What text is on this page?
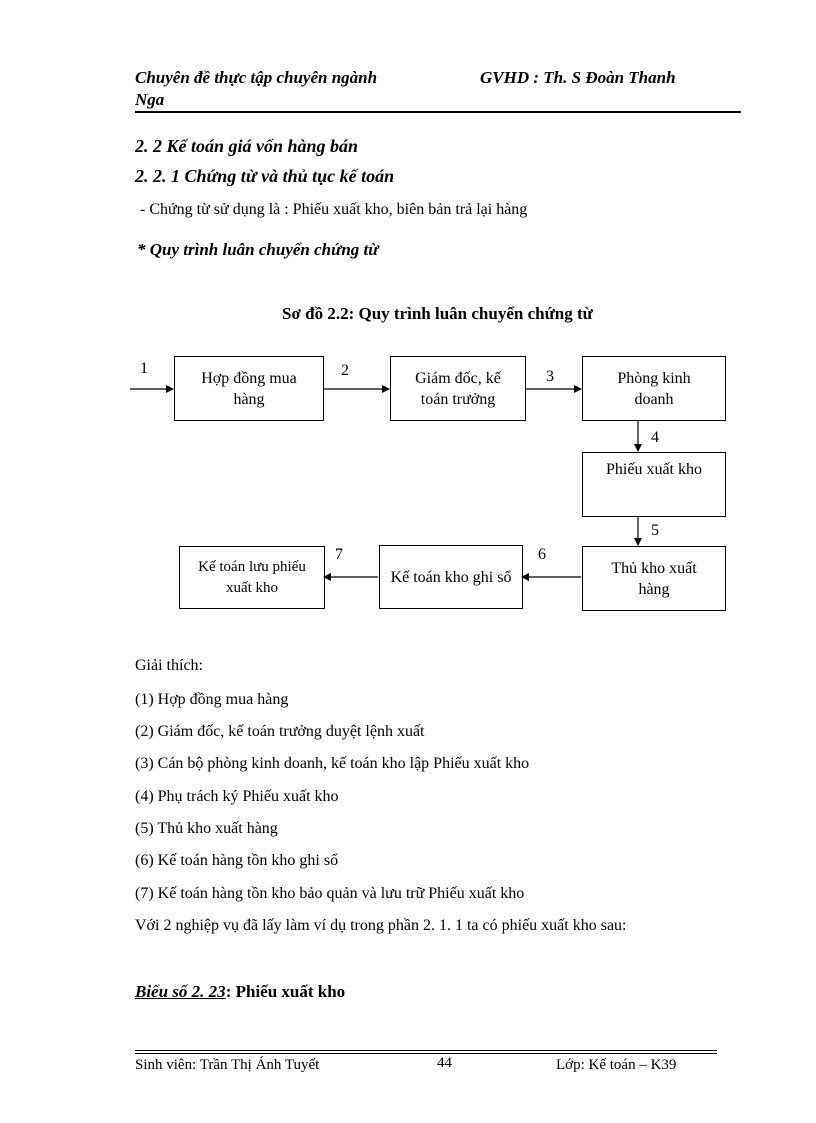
Chuyên đề thực tập chuyên ngành
Nga
GVHD : Th. S Đoàn Thanh
2. 2 Kế toán giá vốn hàng bán
2. 2. 1 Chứng từ và thủ tục kế toán
- Chứng từ sử dụng là : Phiếu xuất kho, biên bản trả lại hàng
* Quy trình luân chuyển chứng từ
Sơ đồ 2.2: Quy trình luân chuyển chứng từ
Hợp đồng mua hàng
Giám đốc, kế toán trưởng
Phòng kinh doanh
Phiếu xuất kho
Thủ kho xuất hàng
Kế toán kho ghi sổ
Kế toán lưu phiếu xuất kho
1	2	3
4
5
6
7
Giải thích:
(1) Hợp đồng mua hàng
(2) Giám đốc, kế toán trưởng duyệt lệnh xuất
(3) Cán bộ phòng kinh doanh, kế toán kho lập Phiếu xuất kho
(4) Phụ trách ký Phiếu xuất kho
(5) Thủ kho xuất hàng
(6) Kế toán hàng tồn kho ghi sổ
(7) Kế toán hàng tồn kho bảo quản và lưu trữ Phiếu xuất kho
Với 2 nghiệp vụ đã lấy làm ví dụ trong phần 2. 1. 1 ta có phiếu xuất kho sau:
Biểu số 2. 23: Phiếu xuất kho
Sinh viên: Trần Thị Ánh Tuyết	44	Lớp: Kế toán – K39
